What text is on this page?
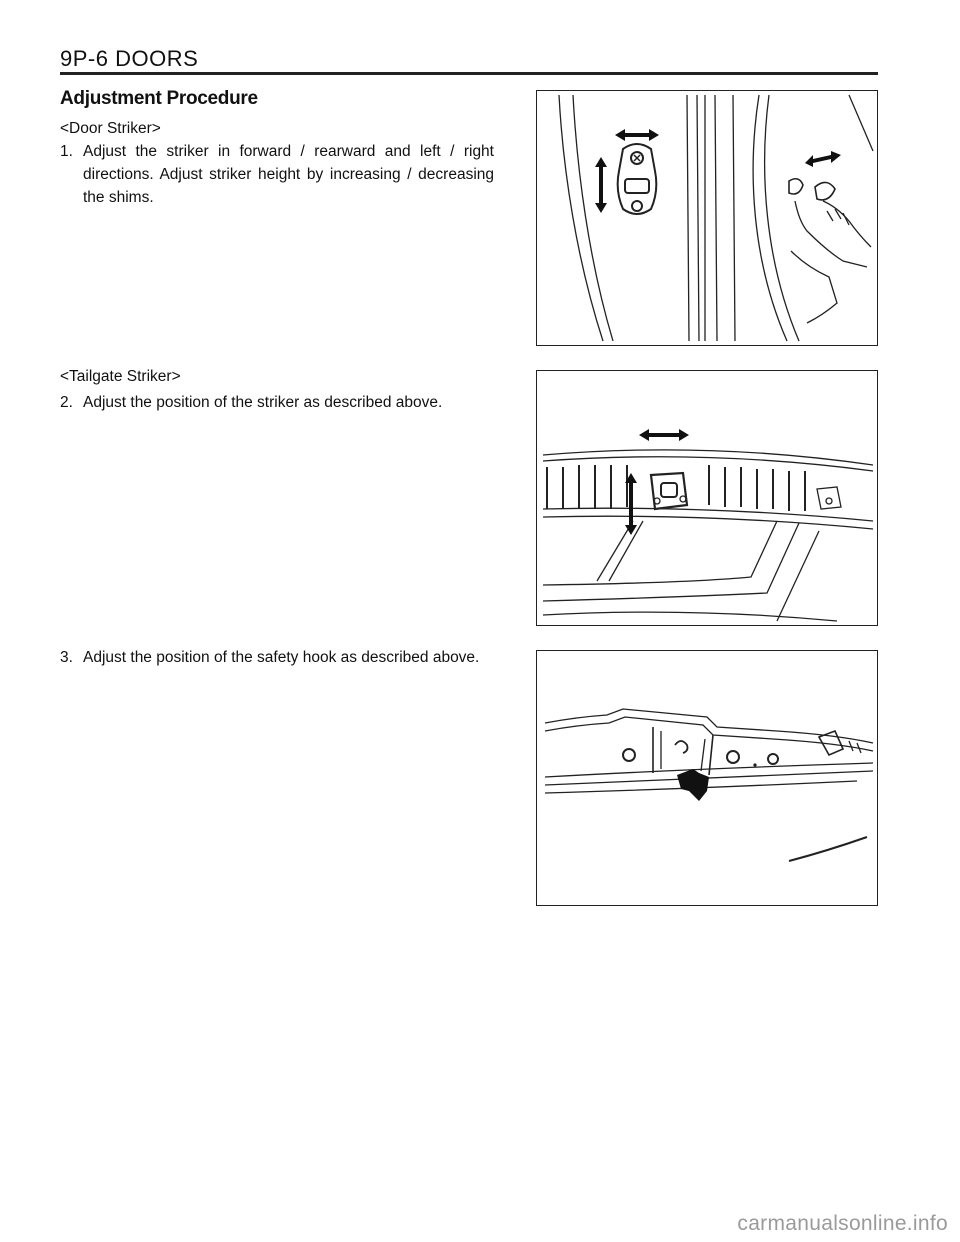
9P-6 DOORS
Adjustment Procedure
<Door Striker>
1. Adjust the striker in forward / rearward and left / right directions. Adjust striker height by increasing / decreasing the shims.
<Tailgate Striker>
2. Adjust the position of the striker as described above.
3. Adjust the position of the safety hook as described above.
carmanualsonline.info
